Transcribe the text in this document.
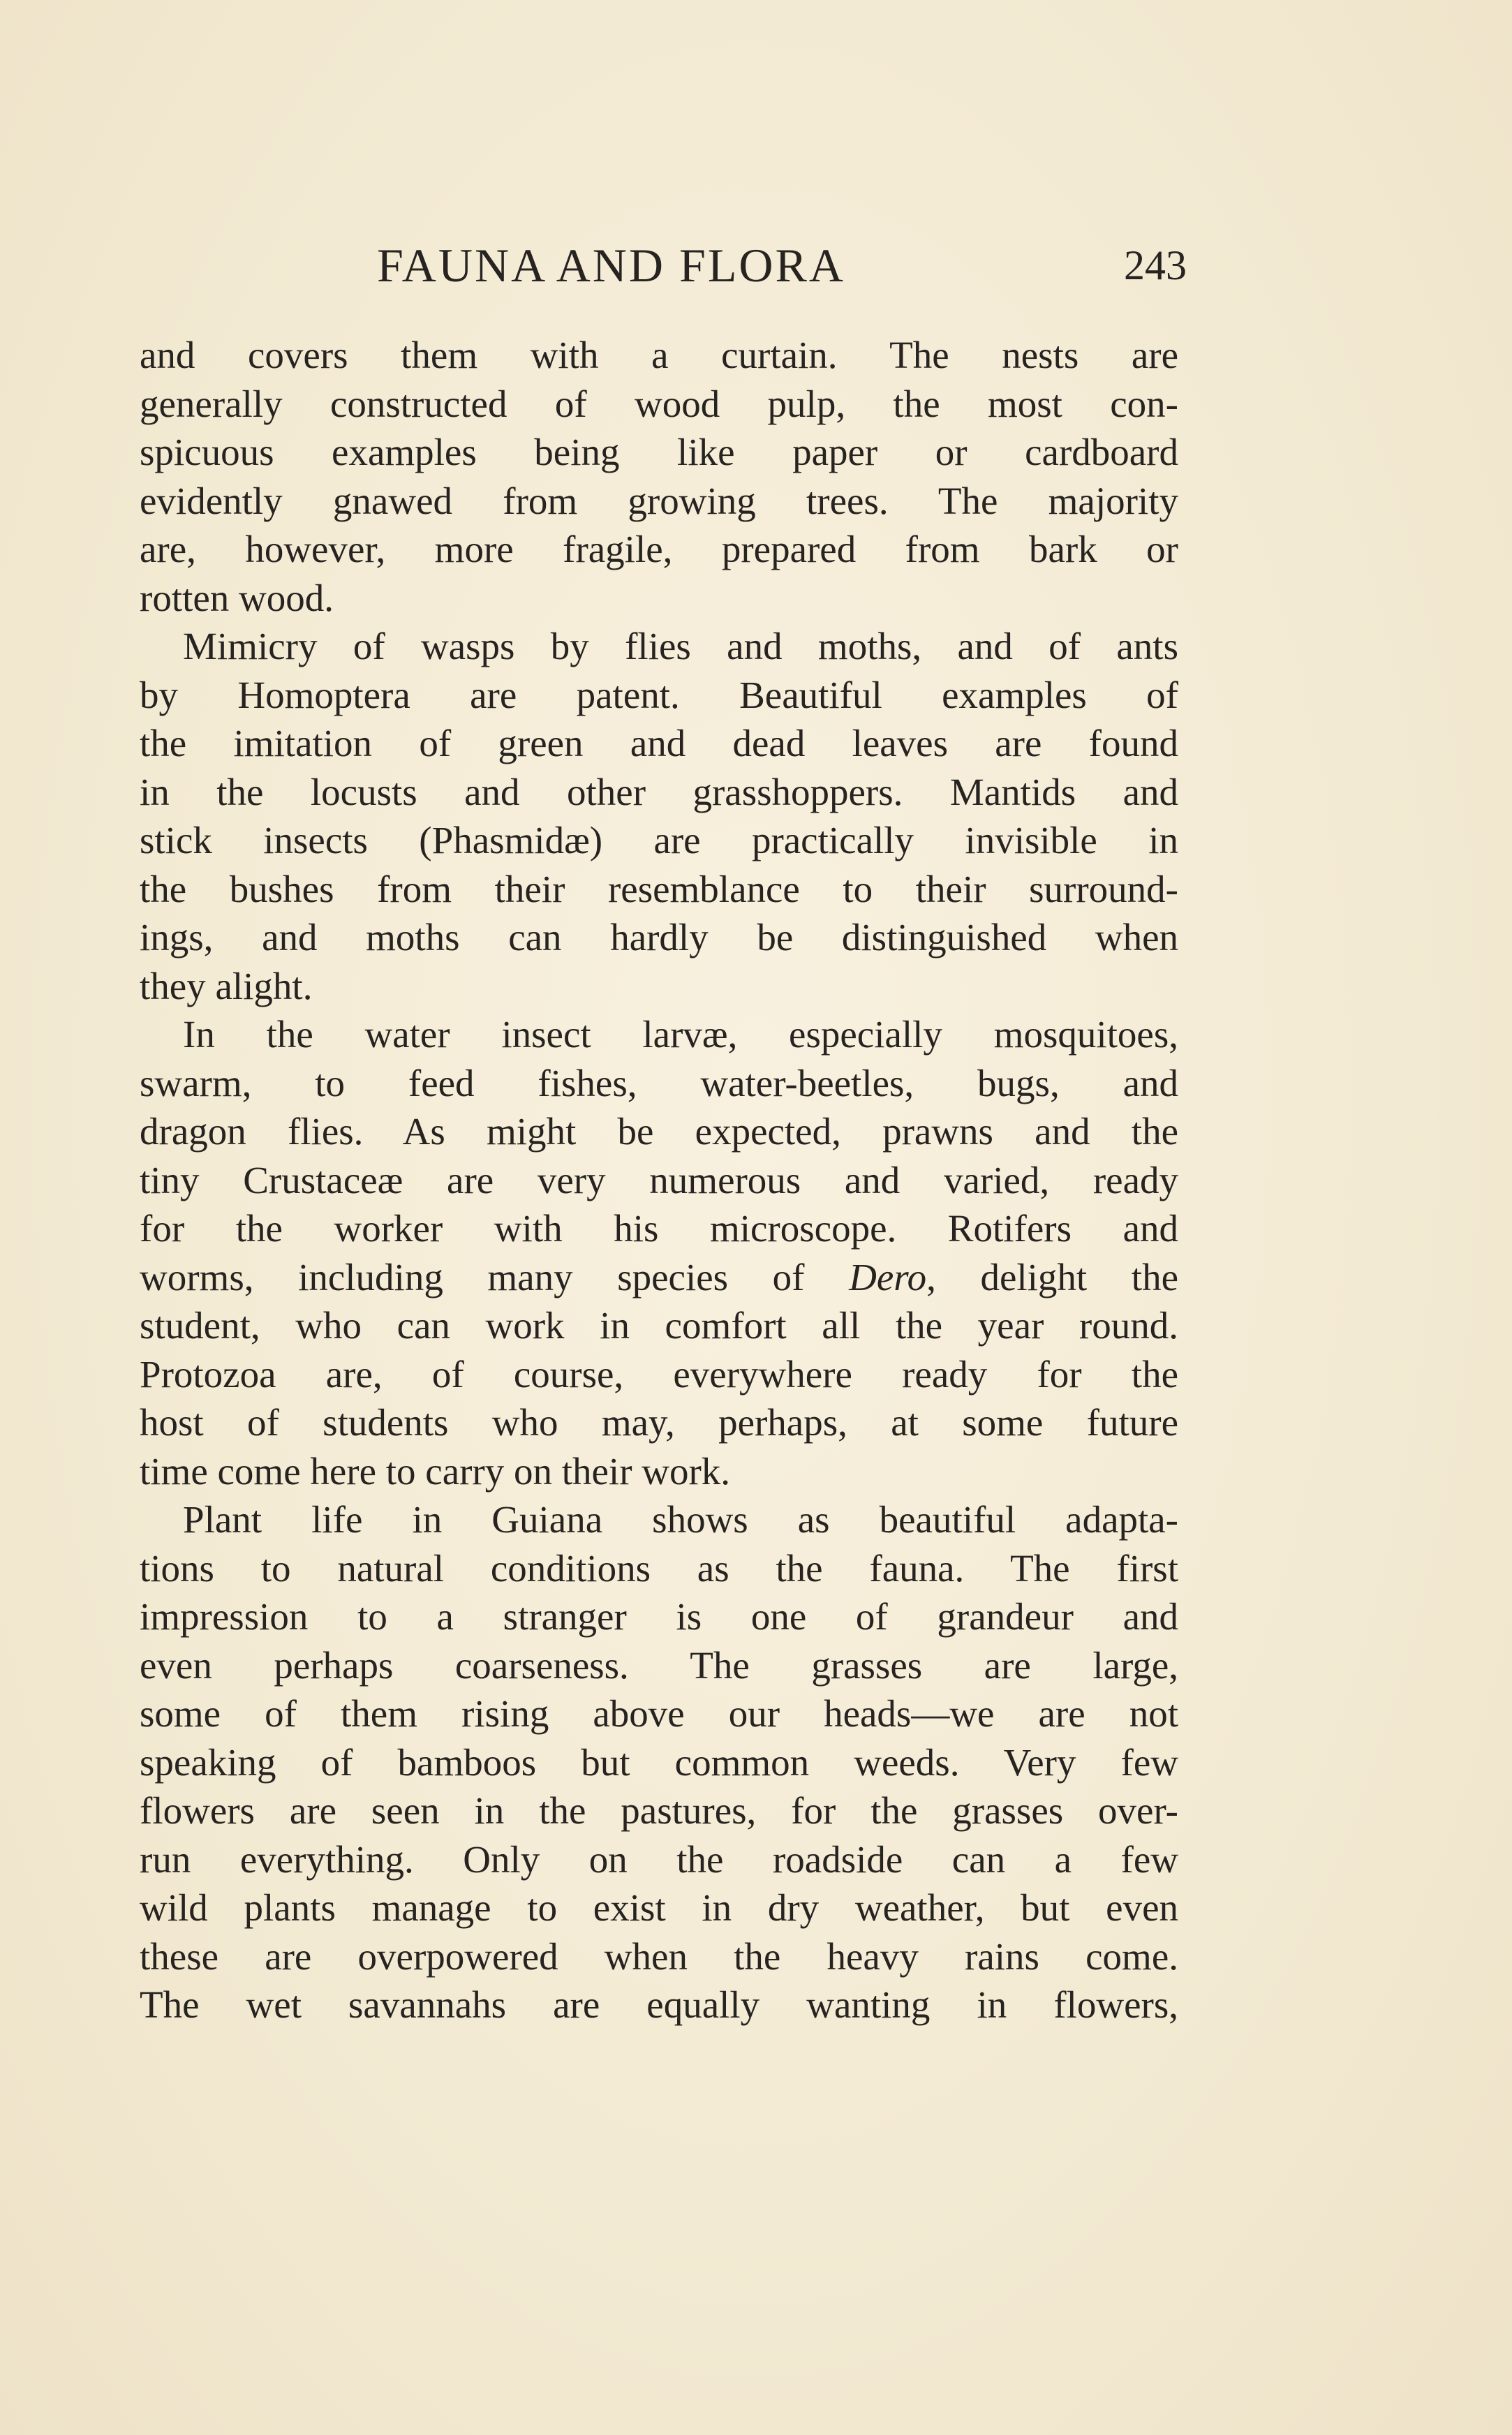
FAUNA AND FLORA	243

and covers them with a curtain. The nests are
generally constructed of wood pulp, the most con-
spicuous examples being like paper or cardboard
evidently gnawed from growing trees. The majority
are, however, more fragile, prepared from bark or
rotten wood.

Mimicry of wasps by flies and moths, and of ants
by Homoptera are patent. Beautiful examples of
the imitation of green and dead leaves are found
in the locusts and other grasshoppers. Mantids and
stick insects (Phasmidæ) are practically invisible in
the bushes from their resemblance to their surround-
ings, and moths can hardly be distinguished when
they alight.

In the water insect larvæ, especially mosquitoes,
swarm, to feed fishes, water-beetles, bugs, and
dragon flies. As might be expected, prawns and the
tiny Crustaceæ are very numerous and varied, ready
for the worker with his microscope. Rotifers and
worms, including many species of Dero, delight the
student, who can work in comfort all the year round.
Protozoa are, of course, everywhere ready for the
host of students who may, perhaps, at some future
time come here to carry on their work.

Plant life in Guiana shows as beautiful adapta-
tions to natural conditions as the fauna. The first
impression to a stranger is one of grandeur and
even perhaps coarseness. The grasses are large,
some of them rising above our heads—we are not
speaking of bamboos but common weeds. Very few
flowers are seen in the pastures, for the grasses over-
run everything. Only on the roadside can a few
wild plants manage to exist in dry weather, but even
these are overpowered when the heavy rains come.
The wet savannahs are equally wanting in flowers,
